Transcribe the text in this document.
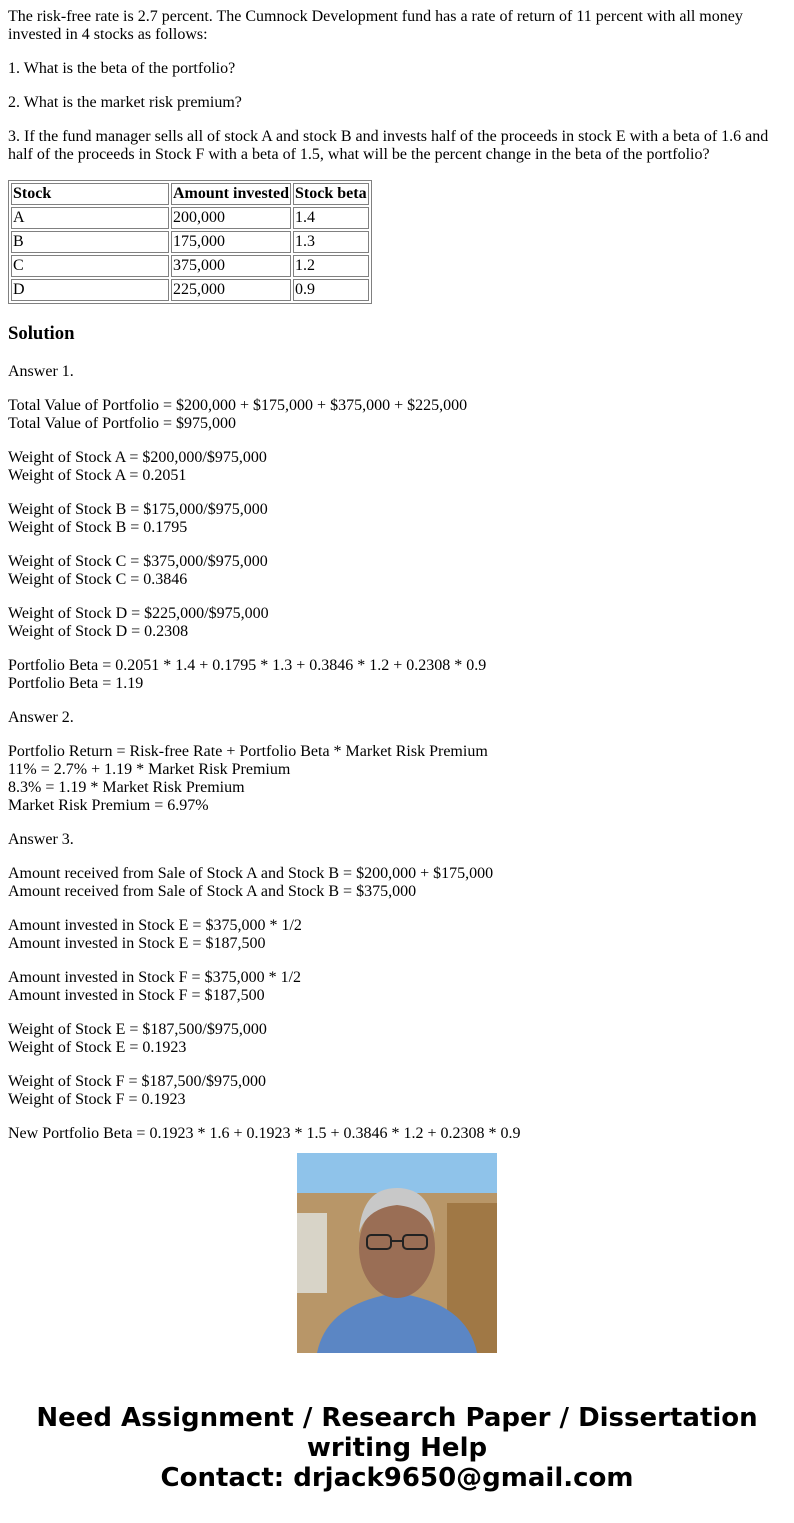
The risk-free rate is 2.7 percent. The Cumnock Development fund has a rate of return of 11 percent with all money invested in 4 stocks as follows:

1. What is the beta of the portfolio?

2. What is the market risk premium?

3. If the fund manager sells all of stock A and stock B and invests half of the proceeds in stock E with a beta of 1.6 and half of the proceeds in Stock F with a beta of 1.5, what will be the percent change in the beta of the portfolio?

Stock	Amount invested	Stock beta
A	200,000	1.4
B	175,000	1.3
C	375,000	1.2
D	225,000	0.9
Solution

Answer 1.

Total Value of Portfolio = $200,000 + $175,000 + $375,000 + $225,000
Total Value of Portfolio = $975,000

Weight of Stock A = $200,000/$975,000
Weight of Stock A = 0.2051

Weight of Stock B = $175,000/$975,000
Weight of Stock B = 0.1795

Weight of Stock C = $375,000/$975,000
Weight of Stock C = 0.3846

Weight of Stock D = $225,000/$975,000
Weight of Stock D = 0.2308

Portfolio Beta = 0.2051 * 1.4 + 0.1795 * 1.3 + 0.3846 * 1.2 + 0.2308 * 0.9
Portfolio Beta = 1.19

Answer 2.

Portfolio Return = Risk-free Rate + Portfolio Beta * Market Risk Premium
11% = 2.7% + 1.19 * Market Risk Premium
8.3% = 1.19 * Market Risk Premium
Market Risk Premium = 6.97%

Answer 3.

Amount received from Sale of Stock A and Stock B = $200,000 + $175,000
Amount received from Sale of Stock A and Stock B = $375,000

Amount invested in Stock E = $375,000 * 1/2
Amount invested in Stock E = $187,500

Amount invested in Stock F = $375,000 * 1/2
Amount invested in Stock F = $187,500

Weight of Stock E = $187,500/$975,000
Weight of Stock E = 0.1923

Weight of Stock F = $187,500/$975,000
Weight of Stock F = 0.1923

New Portfolio Beta = 0.1923 * 1.6 + 0.1923 * 1.5 + 0.3846 * 1.2 + 0.2308 * 0.9

Need Assignment / Research Paper / Dissertation
writing Help
Contact: drjack9650@gmail.com
